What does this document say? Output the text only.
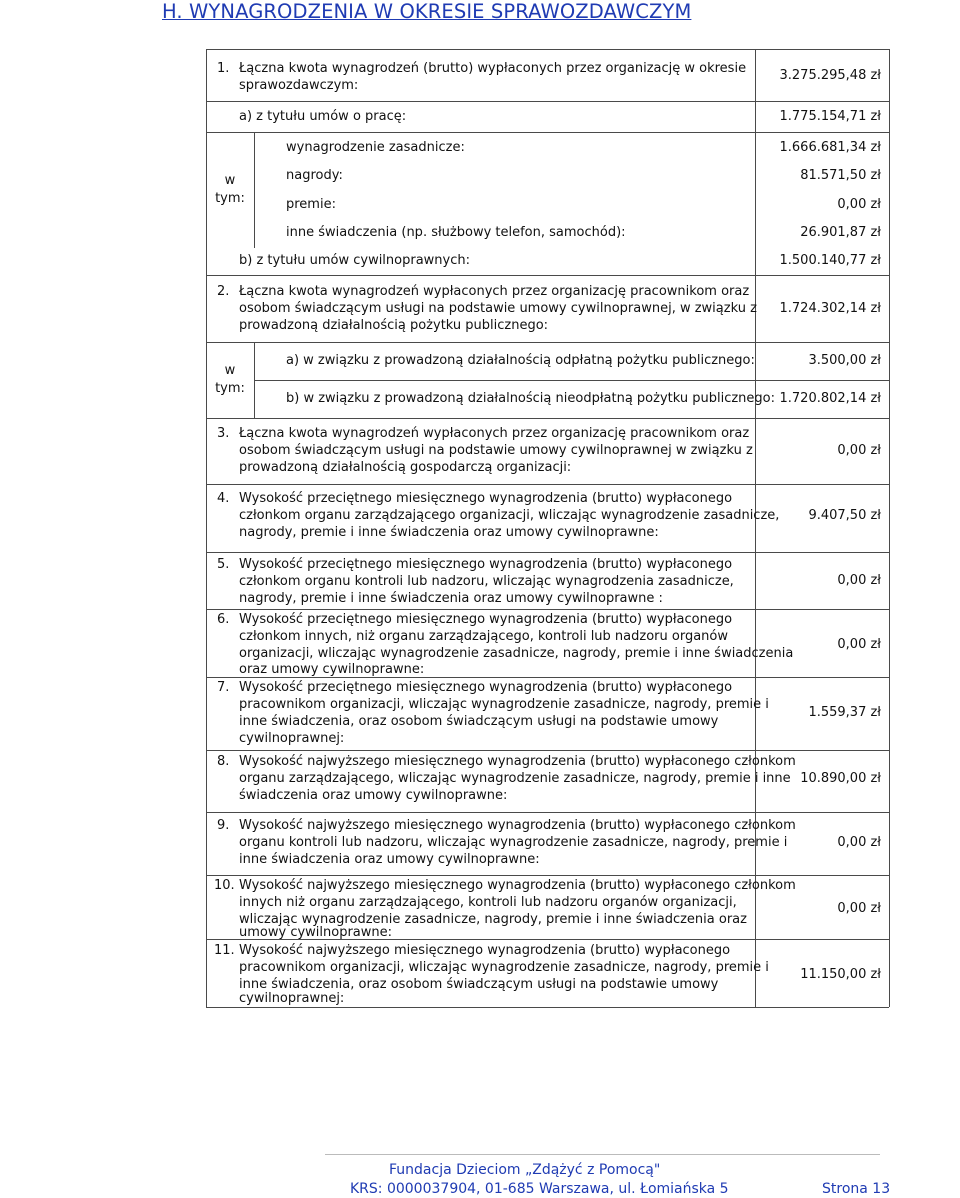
H. WYNAGRODZENIA W OKRESIE SPRAWOZDAWCZYM
1. Łączna kwota wynagrodzeń (brutto) wypłaconych przez organizację w okresie
sprawozdawczym:
3.275.295,48 zł
a) z tytułu umów o pracę:	1.775.154,71 zł
w
tym:
wynagrodzenie zasadnicze:	1.666.681,34 zł
nagrody:	81.571,50 zł
premie:	0,00 zł
inne świadczenia (np. służbowy telefon, samochód):	26.901,87 zł
b) z tytułu umów cywilnoprawnych:	1.500.140,77 zł
2. Łączna kwota wynagrodzeń wypłaconych przez organizację pracownikom oraz
osobom świadczącym usługi na podstawie umowy cywilnoprawnej, w związku z
prowadzoną działalnością pożytku publicznego:
1.724.302,14 zł
w
tym:
a) w związku z prowadzoną działalnością odpłatną pożytku publicznego:	3.500,00 zł
b) w związku z prowadzoną działalnością nieodpłatną pożytku publicznego: 1.720.802,14 zł
3. Łączna kwota wynagrodzeń wypłaconych przez organizację pracownikom oraz
osobom świadczącym usługi na podstawie umowy cywilnoprawnej w związku z
prowadzoną działalnością gospodarczą organizacji:
0,00 zł
4. Wysokość przeciętnego miesięcznego wynagrodzenia (brutto) wypłaconego
członkom organu zarządzającego organizacji, wliczając wynagrodzenie zasadnicze,
nagrody, premie i inne świadczenia oraz umowy cywilnoprawne:
9.407,50 zł
5. Wysokość przeciętnego miesięcznego wynagrodzenia (brutto) wypłaconego
członkom organu kontroli lub nadzoru, wliczając wynagrodzenia zasadnicze,
nagrody, premie i inne świadczenia oraz umowy cywilnoprawne :
0,00 zł
6. Wysokość przeciętnego miesięcznego wynagrodzenia (brutto) wypłaconego
członkom innych, niż organu zarządzającego, kontroli lub nadzoru organów
organizacji, wliczając wynagrodzenie zasadnicze, nagrody, premie i inne świadczenia
oraz umowy cywilnoprawne:
0,00 zł
7. Wysokość przeciętnego miesięcznego wynagrodzenia (brutto) wypłaconego
pracownikom organizacji, wliczając wynagrodzenie zasadnicze, nagrody, premie i
inne świadczenia, oraz osobom świadczącym usługi na podstawie umowy
cywilnoprawnej:
1.559,37 zł
8. Wysokość najwyższego miesięcznego wynagrodzenia (brutto) wypłaconego członkom
organu zarządzającego, wliczając wynagrodzenie zasadnicze, nagrody, premie i inne
świadczenia oraz umowy cywilnoprawne:
10.890,00 zł
9. Wysokość najwyższego miesięcznego wynagrodzenia (brutto) wypłaconego członkom
organu kontroli lub nadzoru, wliczając wynagrodzenie zasadnicze, nagrody, premie i
inne świadczenia oraz umowy cywilnoprawne:
0,00 zł
10. Wysokość najwyższego miesięcznego wynagrodzenia (brutto) wypłaconego członkom
innych niż organu zarządzającego, kontroli lub nadzoru organów organizacji,
wliczając wynagrodzenie zasadnicze, nagrody, premie i inne świadczenia oraz
umowy cywilnoprawne:
0,00 zł
11. Wysokość najwyższego miesięcznego wynagrodzenia (brutto) wypłaconego
pracownikom organizacji, wliczając wynagrodzenie zasadnicze, nagrody, premie i
inne świadczenia, oraz osobom świadczącym usługi na podstawie umowy
cywilnoprawnej:
11.150,00 zł
Fundacja Dzieciom „Zdążyć z Pomocą"
KRS: 0000037904, 01-685 Warszawa, ul. Łomiańska 5	Strona 13
